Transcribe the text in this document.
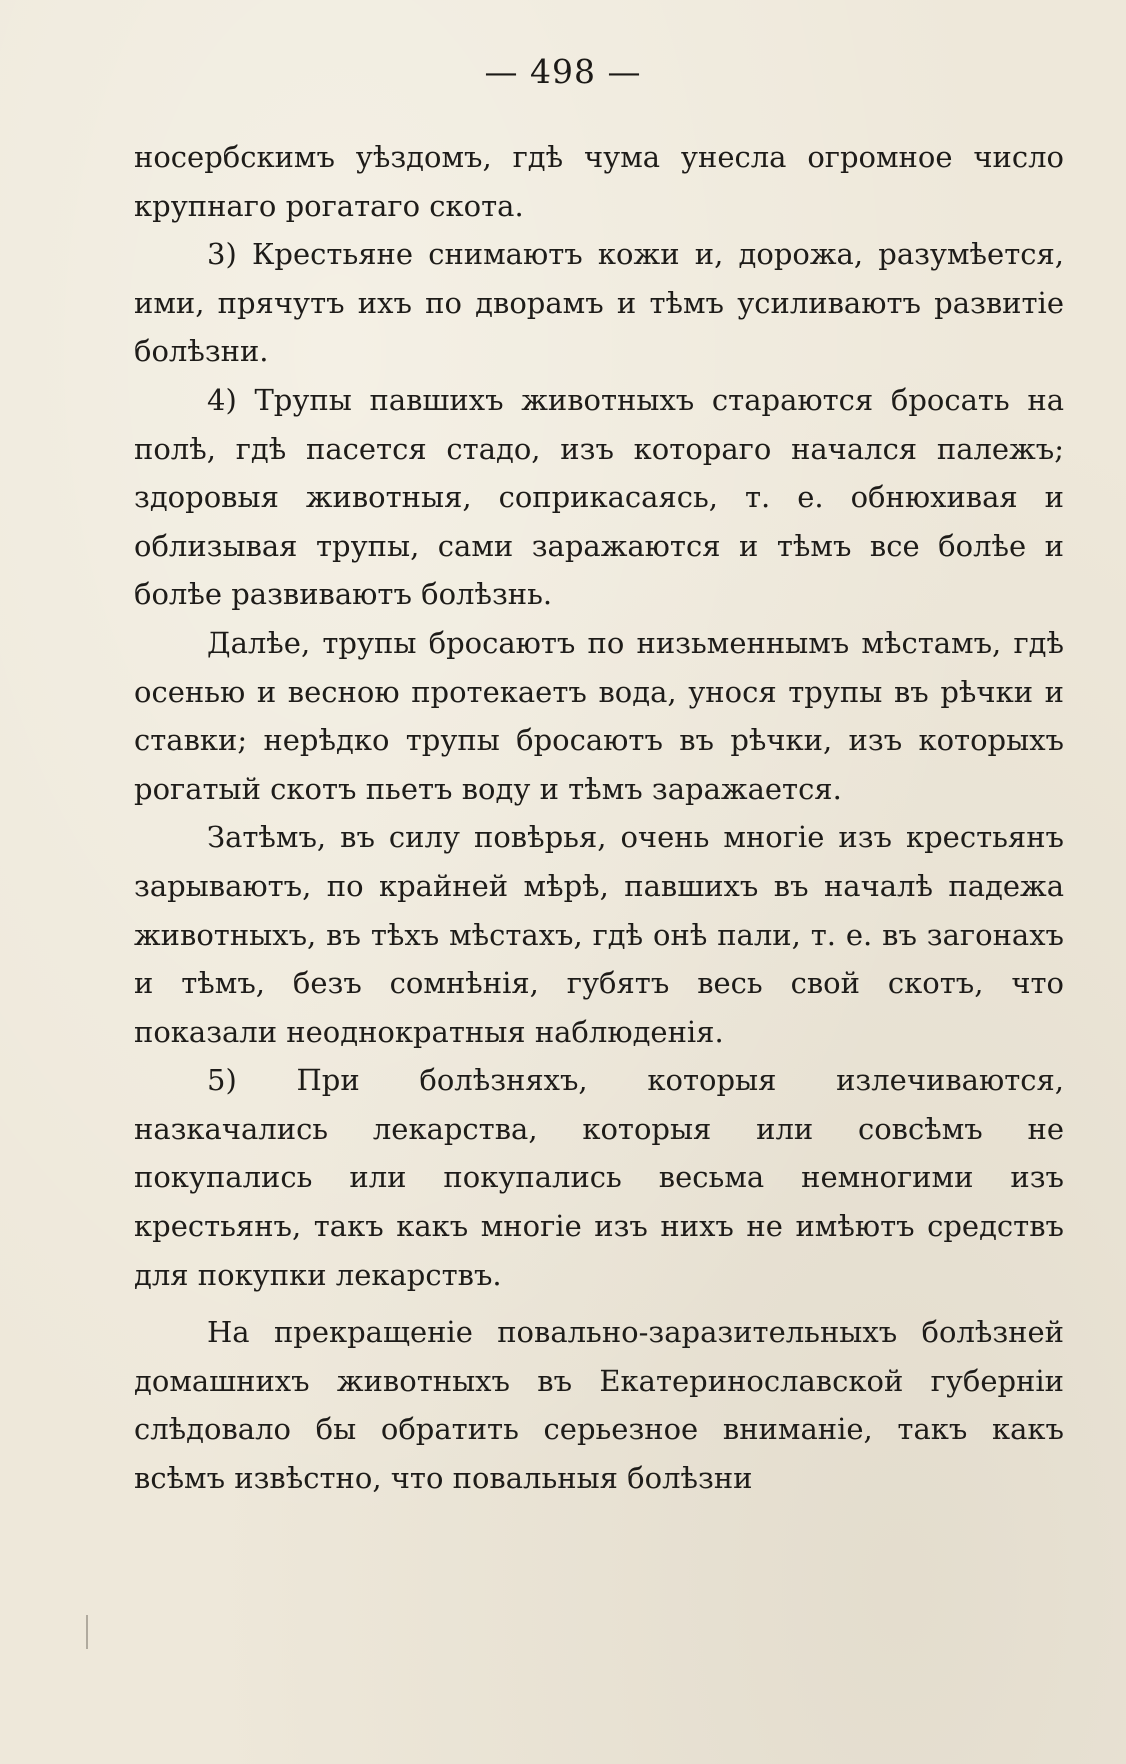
— 498 —

носербскимъ уѣздомъ, гдѣ чума унесла огромное число крупнаго рогатаго скота.

3) Крестьяне снимаютъ кожи и, дорожа, разумѣется, ими, прячутъ ихъ по дворамъ и тѣмъ усиливаютъ развитіе болѣзни.

4) Трупы павшихъ животныхъ стараются бросать на полѣ, гдѣ пасется стадо, изъ котораго начался палежъ; здоровыя животныя, соприкасаясь, т. е. обнюхивая и облизывая трупы, сами заражаются и тѣмъ все болѣе и болѣе развиваютъ болѣзнь.

Далѣе, трупы бросаютъ по низьменнымъ мѣстамъ, гдѣ осенью и весною протекаетъ вода, унося трупы въ рѣчки и ставки; нерѣдко трупы бросаютъ въ рѣчки, изъ которыхъ рогатый скотъ пьетъ воду и тѣмъ заражается.

Затѣмъ, въ силу повѣрья, очень многіе изъ крестьянъ зарываютъ, по крайней мѣрѣ, павшихъ въ началѣ падежа животныхъ, въ тѣхъ мѣстахъ, гдѣ онѣ пали, т. е. въ загонахъ и тѣмъ, безъ сомнѣнія, губятъ весь свой скотъ, что показали неоднократныя наблюденія.

5) При болѣзняхъ, которыя излечиваются, назкачались лекарства, которыя или совсѣмъ не покупались или покупались весьма немногими изъ крестьянъ, такъ какъ многіе изъ нихъ не имѣютъ средствъ для покупки лекарствъ.

На прекращеніе повально-заразительныхъ болѣзней домашнихъ животныхъ въ Екатеринославской губерніи слѣдовало бы обратить серьезное вниманіе, такъ какъ всѣмъ извѣстно, что повальныя болѣзни
